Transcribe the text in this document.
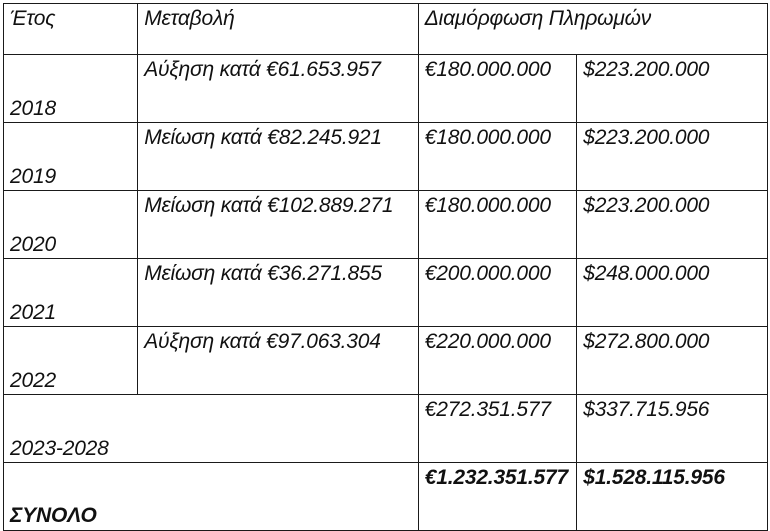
Έτος	Μεταβολή	Διαμόρφωση Πληρωμών	
2018	Αύξηση κατά €61.653.957	€180.000.000	$223.200.000
2019	Μείωση κατά €82.245.921	€180.000.000	$223.200.000
2020	Μείωση κατά €102.889.271	€180.000.000	$223.200.000
2021	Μείωση κατά €36.271.855	€200.000.000	$248.000.000
2022	Αύξηση κατά €97.063.304	€220.000.000	$272.800.000
2023-2028		€272.351.577	$337.715.956
ΣΥΝΟΛΟ		€1.232.351.577	$1.528.115.956
